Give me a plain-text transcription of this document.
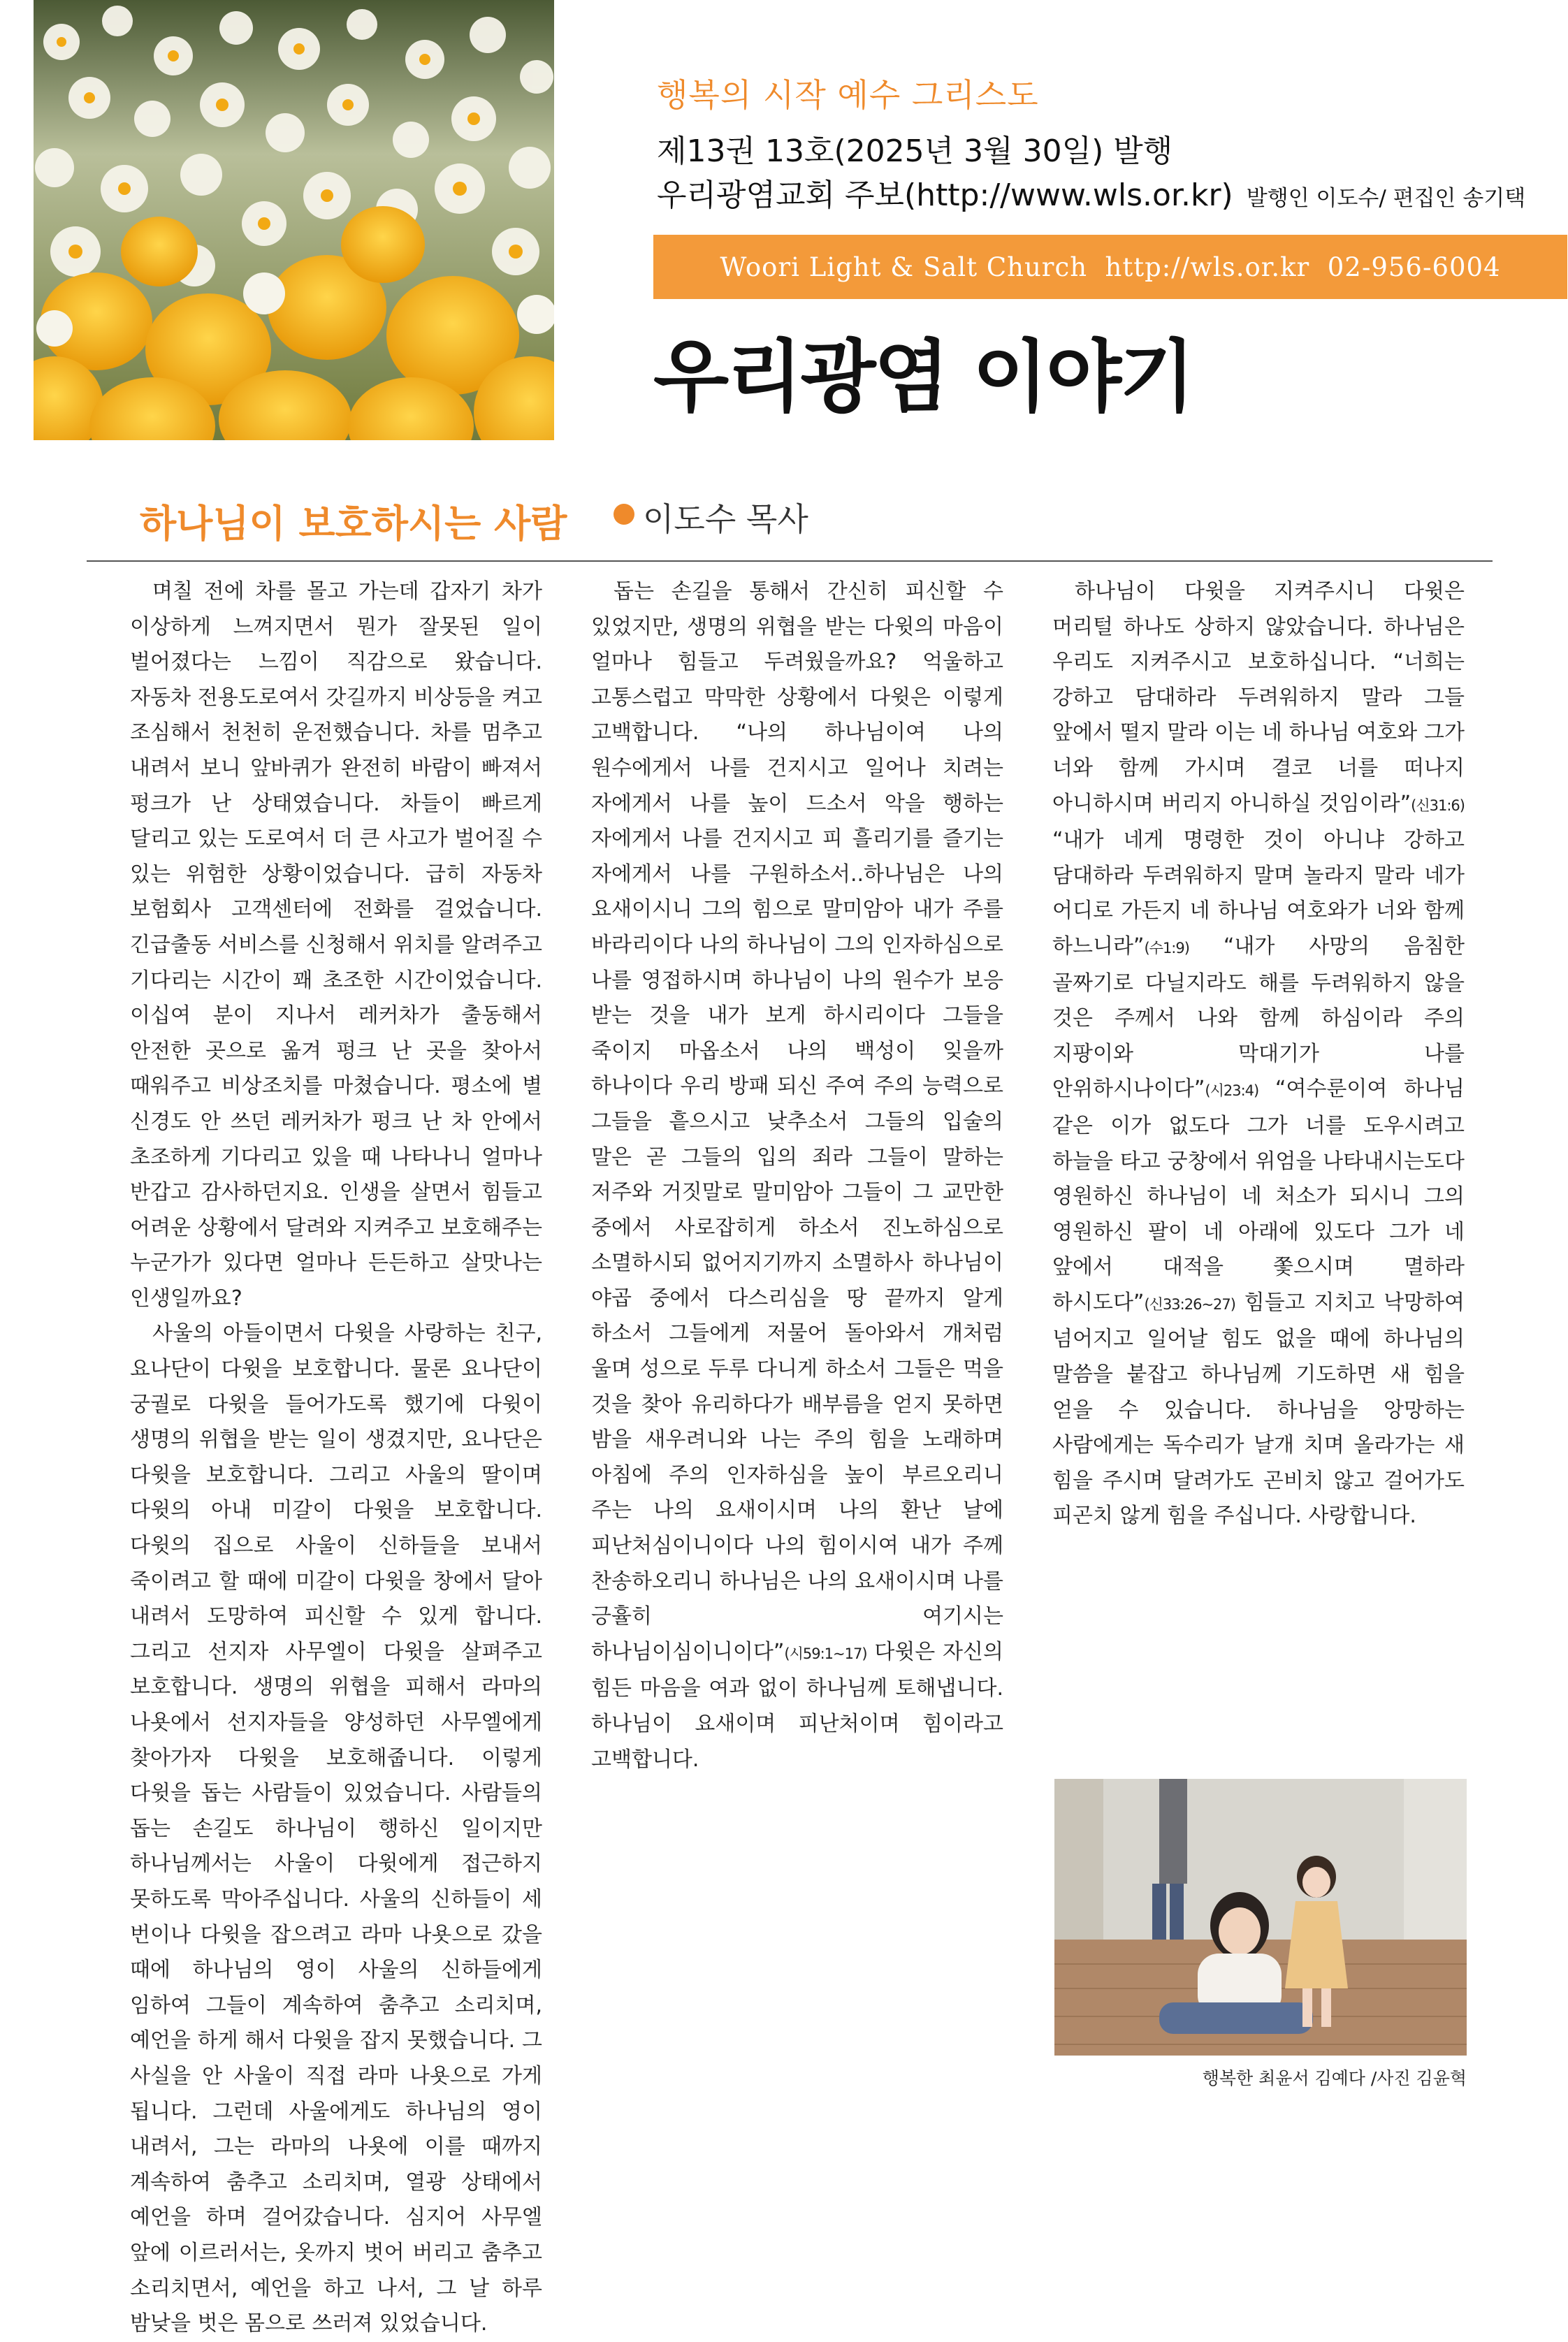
행복의 시작 예수 그리스도
제13권 13호(2025년 3월 30일) 발행
우리광염교회 주보(http://www.wls.or.kr) 발행인 이도수/ 편집인 송기택
Woori Light & Salt Church  http://wls.or.kr  02-956-6004
우리광염 이야기
하나님이 보호하시는 사람 이도수 목사

며칠 전에 차를 몰고 가는데 갑자기 차가 이상하게 느껴지면서 뭔가 잘못된 일이 벌어졌다는 느낌이 직감으로 왔습니다. 자동차 전용도로여서 갓길까지 비상등을 켜고 조심해서 천천히 운전했습니다. 차를 멈추고 내려서 보니 앞바퀴가 완전히 바람이 빠져서 펑크가 난 상태였습니다. 차들이 빠르게 달리고 있는 도로여서 더 큰 사고가 벌어질 수 있는 위험한 상황이었습니다. 급히 자동차 보험회사 고객센터에 전화를 걸었습니다. 긴급출동 서비스를 신청해서 위치를 알려주고 기다리는 시간이 꽤 초조한 시간이었습니다. 이십여 분이 지나서 레커차가 출동해서 안전한 곳으로 옮겨 펑크 난 곳을 찾아서 때워주고 비상조치를 마쳤습니다. 평소에 별 신경도 안 쓰던 레커차가 펑크 난 차 안에서 초조하게 기다리고 있을 때 나타나니 얼마나 반갑고 감사하던지요. 인생을 살면서 힘들고 어려운 상황에서 달려와 지켜주고 보호해주는 누군가가 있다면 얼마나 든든하고 살맛나는 인생일까요?

사울의 아들이면서 다윗을 사랑하는 친구, 요나단이 다윗을 보호합니다. 물론 요나단이 궁궐로 다윗을 들어가도록 했기에 다윗이 생명의 위협을 받는 일이 생겼지만, 요나단은 다윗을 보호합니다. 그리고 사울의 딸이며 다윗의 아내 미갈이 다윗을 보호합니다. 다윗의 집으로 사울이 신하들을 보내서 죽이려고 할 때에 미갈이 다윗을 창에서 달아 내려서 도망하여 피신할 수 있게 합니다. 그리고 선지자 사무엘이 다윗을 살펴주고 보호합니다. 생명의 위협을 피해서 라마의 나욧에서 선지자들을 양성하던 사무엘에게 찾아가자 다윗을 보호해줍니다. 이렇게 다윗을 돕는 사람들이 있었습니다. 사람들의 돕는 손길도 하나님이 행하신 일이지만 하나님께서는 사울이 다윗에게 접근하지 못하도록 막아주십니다. 사울의 신하들이 세 번이나 다윗을 잡으려고 라마 나욧으로 갔을 때에 하나님의 영이 사울의 신하들에게 임하여 그들이 계속하여 춤추고 소리치며, 예언을 하게 해서 다윗을 잡지 못했습니다. 그 사실을 안 사울이 직접 라마 나욧으로 가게 됩니다. 그런데 사울에게도 하나님의 영이 내려서, 그는 라마의 나욧에 이를 때까지 계속하여 춤추고 소리치며, 열광 상태에서 예언을 하며 걸어갔습니다. 심지어 사무엘 앞에 이르러서는, 옷까지 벗어 버리고 춤추고 소리치면서, 예언을 하고 나서, 그 날 하루 밤낮을 벗은 몸으로 쓰러져 있었습니다.

돕는 손길을 통해서 간신히 피신할 수 있었지만, 생명의 위협을 받는 다윗의 마음이 얼마나 힘들고 두려웠을까요? 억울하고 고통스럽고 막막한 상황에서 다윗은 이렇게 고백합니다. “나의 하나님이여 나의 원수에게서 나를 건지시고 일어나 치려는 자에게서 나를 높이 드소서 악을 행하는 자에게서 나를 건지시고 피 흘리기를 즐기는 자에게서 나를 구원하소서..하나님은 나의 요새이시니 그의 힘으로 말미암아 내가 주를 바라리이다 나의 하나님이 그의 인자하심으로 나를 영접하시며 하나님이 나의 원수가 보응 받는 것을 내가 보게 하시리이다 그들을 죽이지 마옵소서 나의 백성이 잊을까 하나이다 우리 방패 되신 주여 주의 능력으로 그들을 흩으시고 낮추소서 그들의 입술의 말은 곧 그들의 입의 죄라 그들이 말하는 저주와 거짓말로 말미암아 그들이 그 교만한 중에서 사로잡히게 하소서 진노하심으로 소멸하시되 없어지기까지 소멸하사 하나님이 야곱 중에서 다스리심을 땅 끝까지 알게 하소서 그들에게 저물어 돌아와서 개처럼 울며 성으로 두루 다니게 하소서 그들은 먹을 것을 찾아 유리하다가 배부름을 얻지 못하면 밤을 새우려니와 나는 주의 힘을 노래하며 아침에 주의 인자하심을 높이 부르오리니 주는 나의 요새이시며 나의 환난 날에 피난처심이니이다 나의 힘이시여 내가 주께 찬송하오리니 하나님은 나의 요새이시며 나를 긍휼히 여기시는 하나님이심이니이다”(시59:1~17) 다윗은 자신의 힘든 마음을 여과 없이 하나님께 토해냅니다. 하나님이 요새이며 피난처이며 힘이라고 고백합니다.

하나님이 다윗을 지켜주시니 다윗은 머리털 하나도 상하지 않았습니다. 하나님은 우리도 지켜주시고 보호하십니다. “너희는 강하고 담대하라 두려워하지 말라 그들 앞에서 떨지 말라 이는 네 하나님 여호와 그가 너와 함께 가시며 결코 너를 떠나지 아니하시며 버리지 아니하실 것임이라”(신31:6) “내가 네게 명령한 것이 아니냐 강하고 담대하라 두려워하지 말며 놀라지 말라 네가 어디로 가든지 네 하나님 여호와가 너와 함께 하느니라”(수1:9) “내가 사망의 음침한 골짜기로 다닐지라도 해를 두려워하지 않을 것은 주께서 나와 함께 하심이라 주의 지팡이와 막대기가 나를 안위하시나이다”(시23:4) “여수룬이여 하나님 같은 이가 없도다 그가 너를 도우시려고 하늘을 타고 궁창에서 위엄을 나타내시는도다 영원하신 하나님이 네 처소가 되시니 그의 영원하신 팔이 네 아래에 있도다 그가 네 앞에서 대적을 쫓으시며 멸하라 하시도다”(신33:26~27) 힘들고 지치고 낙망하여 넘어지고 일어날 힘도 없을 때에 하나님의 말씀을 붙잡고 하나님께 기도하면 새 힘을 얻을 수 있습니다. 하나님을 앙망하는 사람에게는 독수리가 날개 치며 올라가는 새 힘을 주시며 달려가도 곤비치 않고 걸어가도 피곤치 않게 힘을 주십니다. 사랑합니다.

행복한 최윤서 김예다 /사진 김윤혁
